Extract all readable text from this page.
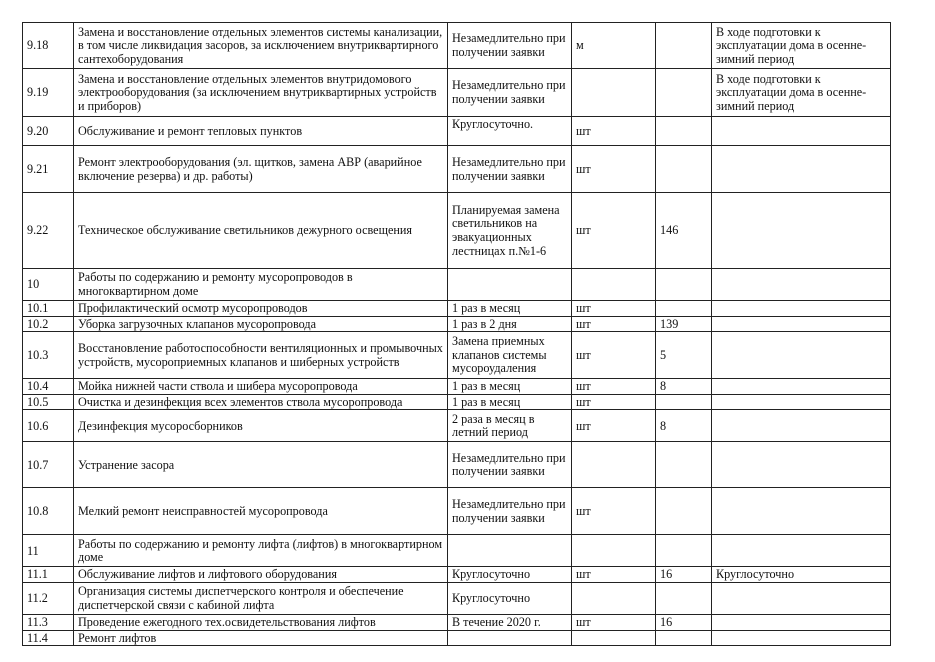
9.18	Замена и восстановление отдельных элементов системы канализации, в том числе ликвидация засоров, за исключением внутриквартирного сантехоборудования	Незамедлительно при получении заявки	м		В ходе подготовки к эксплуатации дома в осенне-зимний период
9.19	Замена и восстановление отдельных элементов внутридомового электрооборудования (за исключением внутриквартирных устройств и приборов)	Незамедлительно при получении заявки			В ходе подготовки к эксплуатации дома в осенне-зимний период
9.20	Обслуживание и ремонт тепловых пунктов	Круглосуточно.	шт		
9.21	Ремонт электрооборудования (эл. щитков, замена АВР (аварийное включение резерва) и др. работы)	Незамедлительно при получении заявки	шт		
9.22	Техническое обслуживание светильников дежурного освещения	Планируемая замена светильников на эвакуационных лестницах п.№1-6	шт	146	
10	Работы по содержанию и ремонту мусоропроводов в многоквартирном доме				
10.1	Профилактический осмотр мусоропроводов	1 раз в месяц	шт		
10.2	Уборка загрузочных клапанов мусоропровода	1 раз в 2 дня	шт	139	
10.3	Восстановление работоспособности вентиляционных и промывочных устройств, мусороприемных клапанов и шиберных устройств	Замена приемных клапанов системы мусороудаления	шт	5	
10.4	Мойка нижней части ствола и шибера мусоропровода	1 раз в месяц	шт	8	
10.5	Очистка и дезинфекция всех элементов ствола мусоропровода	1 раз в месяц	шт		
10.6	Дезинфекция мусоросборников	2 раза в месяц в летний период	шт	8	
10.7	Устранение засора	Незамедлительно при получении заявки			
10.8	Мелкий ремонт неисправностей мусоропровода	Незамедлительно при получении заявки	шт		
11	Работы по содержанию и ремонту лифта (лифтов) в многоквартирном доме				
11.1	Обслуживание лифтов и лифтового оборудования	Круглосуточно	шт	16	Круглосуточно
11.2	Организация системы диспетчерского контроля и обеспечение диспетчерской связи с кабиной лифта	Круглосуточно			
11.3	Проведение ежегодного тех.освидетельствования лифтов	В течение 2020 г.	шт	16	
11.4	Ремонт лифтов				
